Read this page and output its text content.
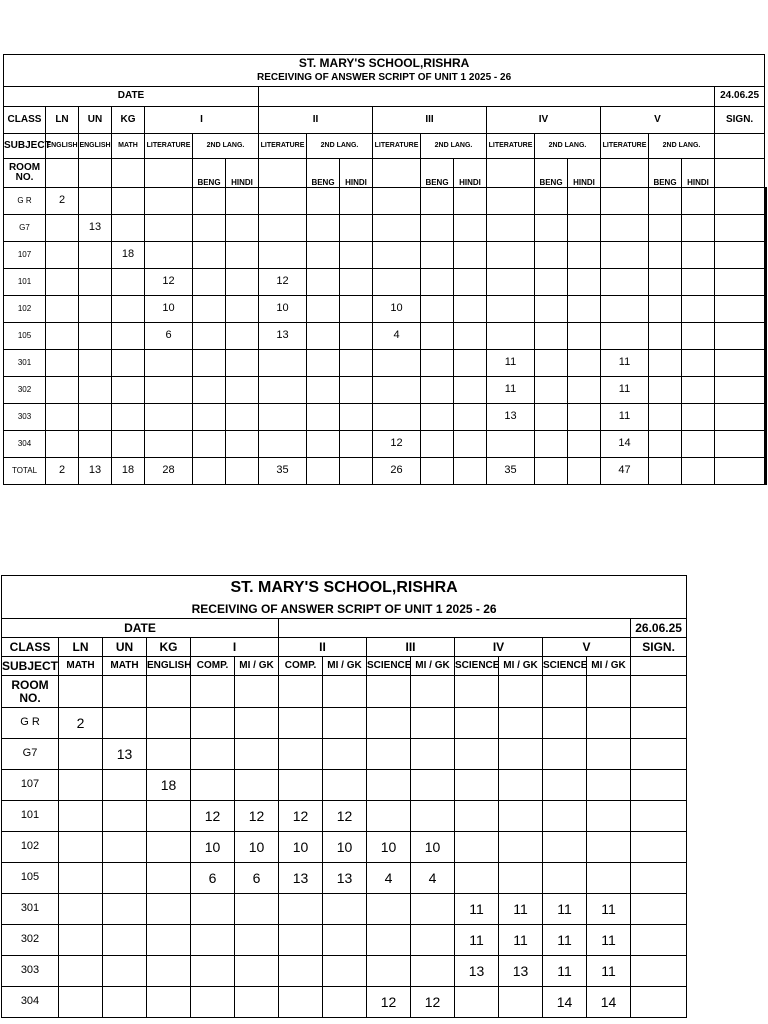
ST. MARY'S SCHOOL,RISHRA																				
RECEIVING OF ANSWER SCRIPT OF UNIT 1 2025 - 26																				
DATE																			24.06.25	
CLASS	LN	UN	KG	I			II			III			IV			V			SIGN.	
SUBJECT	ENGLISH	ENGLISH	MATH	LITERATURE	2ND LANG.		LITERATURE	2ND LANG.		LITERATURE	2ND LANG.		LITERATURE	2ND LANG.		LITERATURE	2ND LANG.			
ROOM NO.					BENG	HINDI		BENG	HINDI		BENG	HINDI		BENG	HINDI		BENG	HINDI		
G R	2																				
G7		13																			
107			18																		
101				12			12														
102				10			10			10											
105				6			13			4											
301													11			11					
302													11			11					
303													13			11					
304										12						14					
TOTAL	2	13	18	28			35			26			35			47					
ST. MARY'S SCHOOL,RISHRA														
RECEIVING OF ANSWER SCRIPT OF UNIT 1 2025 - 26														
DATE														26.06.25
CLASS	LN	UN	KG	I		II		III		IV		V		SIGN.
SUBJECT	MATH	MATH	ENGLISH	COMP.	MI / GK	COMP.	MI / GK	SCIENCE	MI / GK	SCIENCE	MI / GK	SCIENCE	MI / GK	
ROOM NO.														
G R	2													
G7		13												
107			18											
101				12	12	12	12							
102				10	10	10	10	10	10					
105				6	6	13	13	4	4					
301										11	11	11	11	
302										11	11	11	11	
303										13	13	11	11	
304								12	12			14	14	
